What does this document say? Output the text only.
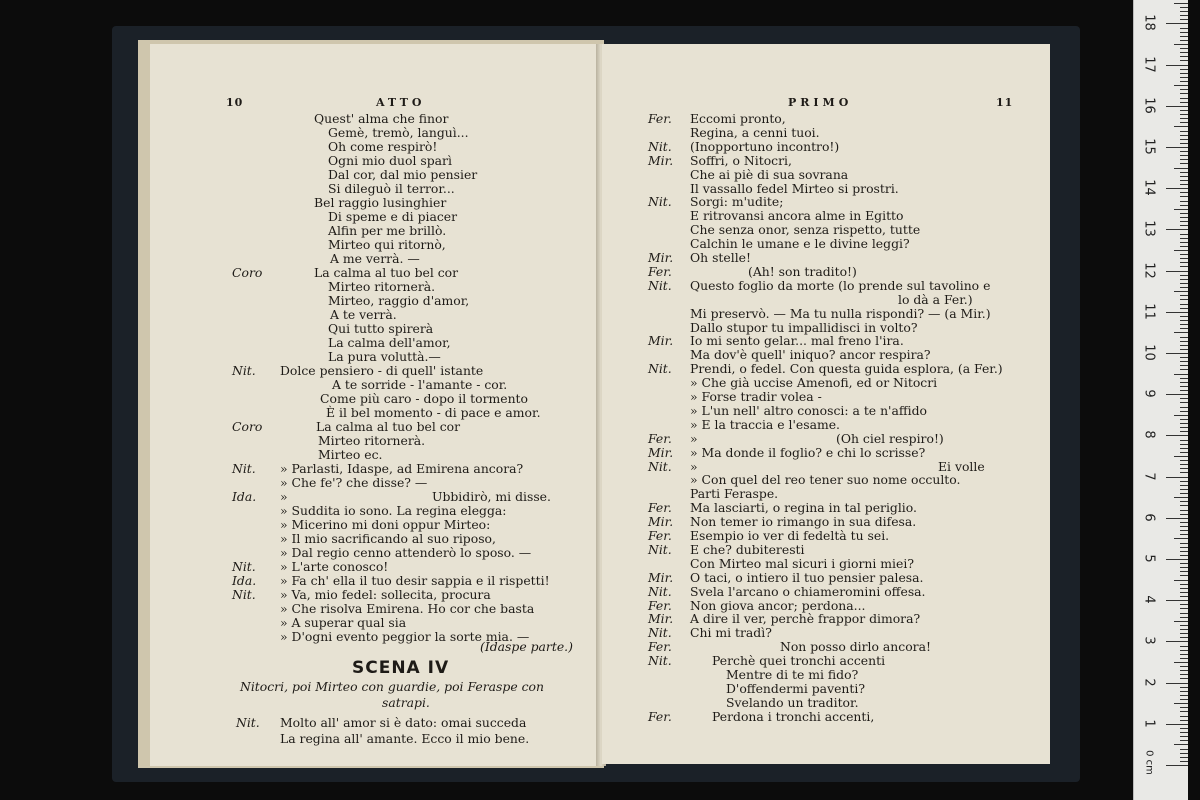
10	ATTO
Quest' alma che finor
Gemè, tremò, languì...
Oh come respirò!
Ogni mio duol sparì
Dal cor, dal mio pensier
Si dileguò il terror...
Bel raggio lusinghier
Di speme e di piacer
Alfin per me brillò.
Mirteo qui ritornò,
A me verrà. —
Coro	La calma al tuo bel cor
Mirteo ritornerà.
Mirteo, raggio d'amor,
A te verrà.
Qui tutto spirerà
La calma dell'amor,
La pura voluttà.—
Nit. Dolce pensiero - di quell' istante
A te sorride - l'amante - cor.
Come più caro - dopo il tormento
È il bel momento - di pace e amor.
Coro	La calma al tuo bel cor
Mirteo ritornerà.
Mirteo ec.
Nit. » Parlasti, Idaspe, ad Emirena ancora?
» Che fe'? che disse? —
Ida. »	Ubbidirò, mi disse.
» Suddita io sono. La regina elegga:
» Micerino mi doni oppur Mirteo:
» Il mio sacrificando al suo riposo,
» Dal regio cenno attenderò lo sposo. —
Nit. » L'arte conosco!
Ida. » Fa ch' ella il tuo desir sappia e il rispetti!
Nit. » Va, mio fedel: sollecita, procura
» Che risolva Emirena. Ho cor che basta
» A superar qual sia
» D'ogni evento peggior la sorte mia. —
(Idaspe parte.)
SCENA IV
Nitocri, poi Mirteo con guardie, poi Feraspe con
satrapi.
Nit. Molto all' amor si è dato: omai succeda
La regina all' amante. Ecco il mio bene.
PRIMO	11
Fer. Eccomi pronto,
Regina, a cenni tuoi.
Nit. (Inopportuno incontro!)
Mir. Soffri, o Nitocri,
Che ai piè di sua sovrana
Il vassallo fedel Mirteo si prostri.
Nit. Sorgi: m'udite;
E ritrovansi ancora alme in Egitto
Che senza onor, senza rispetto, tutte
Calchin le umane e le divine leggi?
Mir. Oh stelle!
Fer.	(Ah! son tradito!)
Nit. Questo foglio da morte (lo prende sul tavolino e
lo dà a Fer.)
Mi preservò. — Ma tu nulla rispondi? — (a Mir.)
Dallo stupor tu impallidisci in volto?
Mir. Io mi sento gelar... mal freno l'ira.
Ma dov'è quell' iniquo? ancor respira?
Nit. Prendi, o fedel. Con questa guida esplora, (a Fer.)
» Che già uccise Amenofi, ed or Nitocri
» Forse tradir volea -
» L'un nell' altro conosci: a te n'affido
» E la traccia e l'esame.
Fer. »	(Oh ciel respiro!)
Mir. » Ma donde il foglio? e chi lo scrisse?
Nit. »	Ei volle
» Con quel del reo tener suo nome occulto.
Parti Feraspe.
Fer. Ma lasciarti, o regina in tal periglio.
Mir. Non temer io rimango in sua difesa.
Fer. Esempio io ver di fedeltà tu sei.
Nit. E che? dubiteresti
Con Mirteo mal sicuri i giorni miei?
Mir. O taci, o intiero il tuo pensier palesa.
Nit. Svela l'arcano o chiameromini offesa.
Fer. Non giova ancor; perdona...
Mir. A dire il ver, perchè frappor dimora?
Nit. Chi mi tradì?
Fer.	Non posso dirlo ancora!
Nit.	Perchè quei tronchi accenti
Mentre di te mi fido?
D'offendermi paventi?
Svelando un traditor.
Fer.	Perdona i tronchi accenti,	1
2
3
4
5
6
7
8
9
10
11
12
13
14
15
16
17
18
0 cm
